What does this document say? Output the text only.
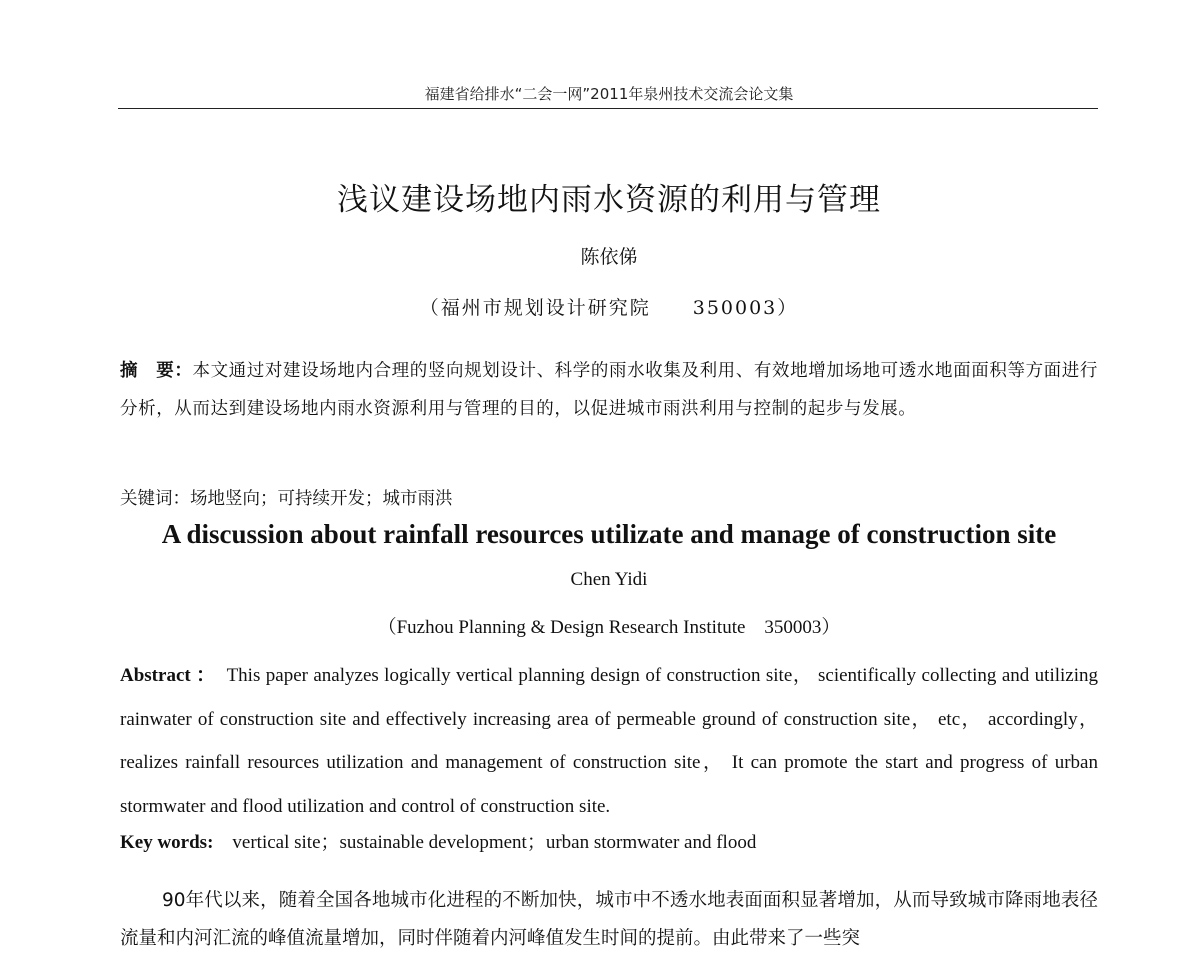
福建省给排水“二会一网”2011年泉州技术交流会论文集
浅议建设场地内雨水资源的利用与管理
陈依俤
（福州市规划设计研究院　　350003）
摘　要：本文通过对建设场地内合理的竖向规划设计、科学的雨水收集及利用、有效地增加场地可透水地面面积等方面进行分析，从而达到建设场地内雨水资源利用与管理的目的，以促进城市雨洪利用与控制的起步与发展。
关键词：场地竖向；可持续开发；城市雨洪
A discussion about rainfall resources utilizate and manage of construction site
Chen Yidi
（Fuzhou Planning & Design Research Institute　350003）
Abstract ： This paper analyzes logically vertical planning design of construction site， scientifically collecting and utilizing rainwater of construction site and effectively increasing area of permeable ground of construction site， etc， accordingly， realizes rainfall resources utilization and management of construction site， It can promote the start and progress of urban stormwater and flood utilization and control of construction site.
Key words: vertical site；sustainable development；urban stormwater and flood
90年代以来，随着全国各地城市化进程的不断加快，城市中不透水地表面面积显著增加，从而导致城市降雨地表径流量和内河汇流的峰值流量增加，同时伴随着内河峰值发生时间的提前。由此带来了一些突
